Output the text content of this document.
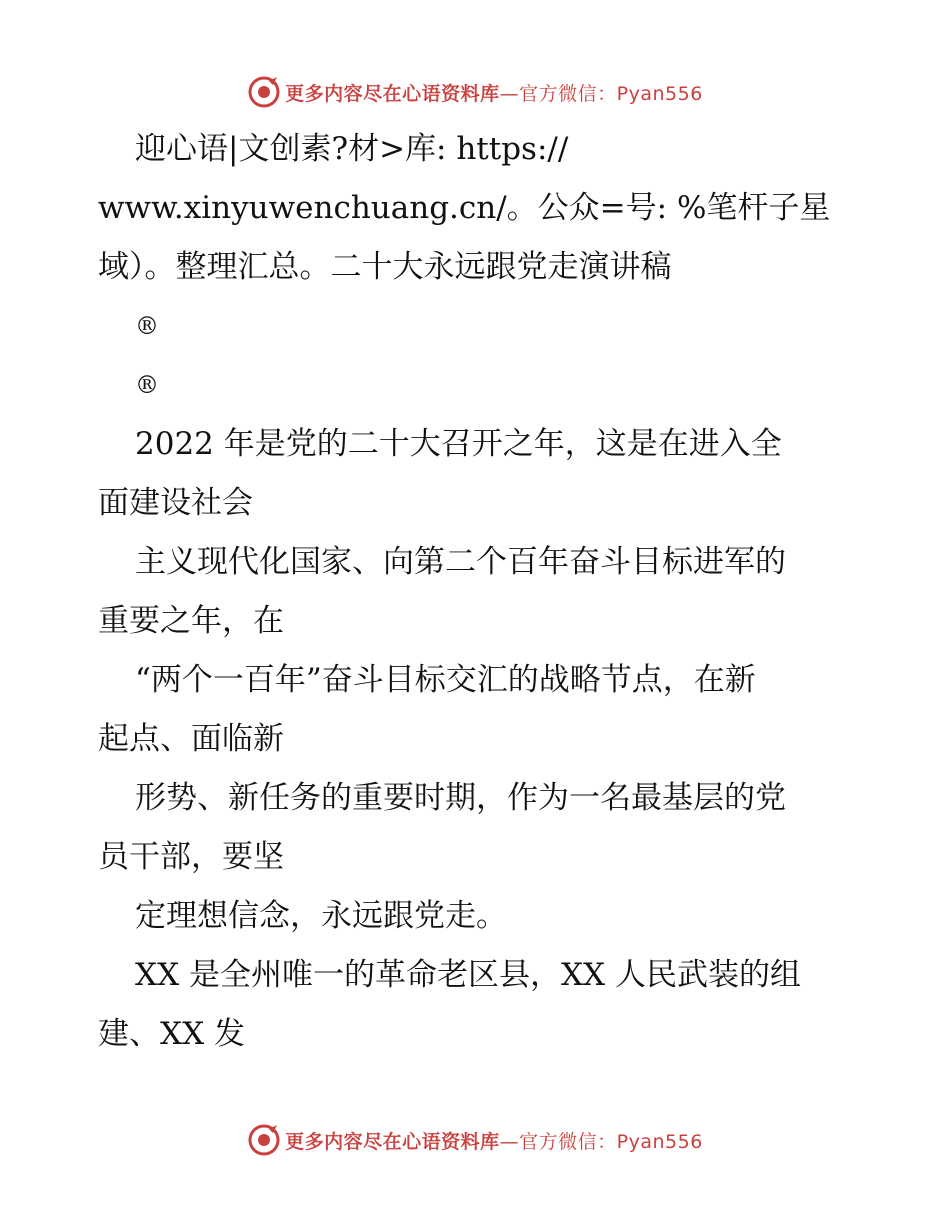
更多内容尽在心语资料库—官方微信：Pyan556
迎心语|文创素?材>库: https://
www.xinyuwenchuang.cn/。公众=号: %笔杆子星
域）。整理汇总。二十大永远跟党走演讲稿
®
®
2022 年是党的二十大召开之年，这是在进入全
面建设社会
主义现代化国家、向第二个百年奋斗目标进军的
重要之年，在
“两个一百年”奋斗目标交汇的战略节点，在新
起点、面临新
形势、新任务的重要时期，作为一名最基层的党
员干部，要坚
定理想信念，永远跟党走。
XX 是全州唯一的革命老区县，XX 人民武装的组
建、XX 发
更多内容尽在心语资料库—官方微信：Pyan556
